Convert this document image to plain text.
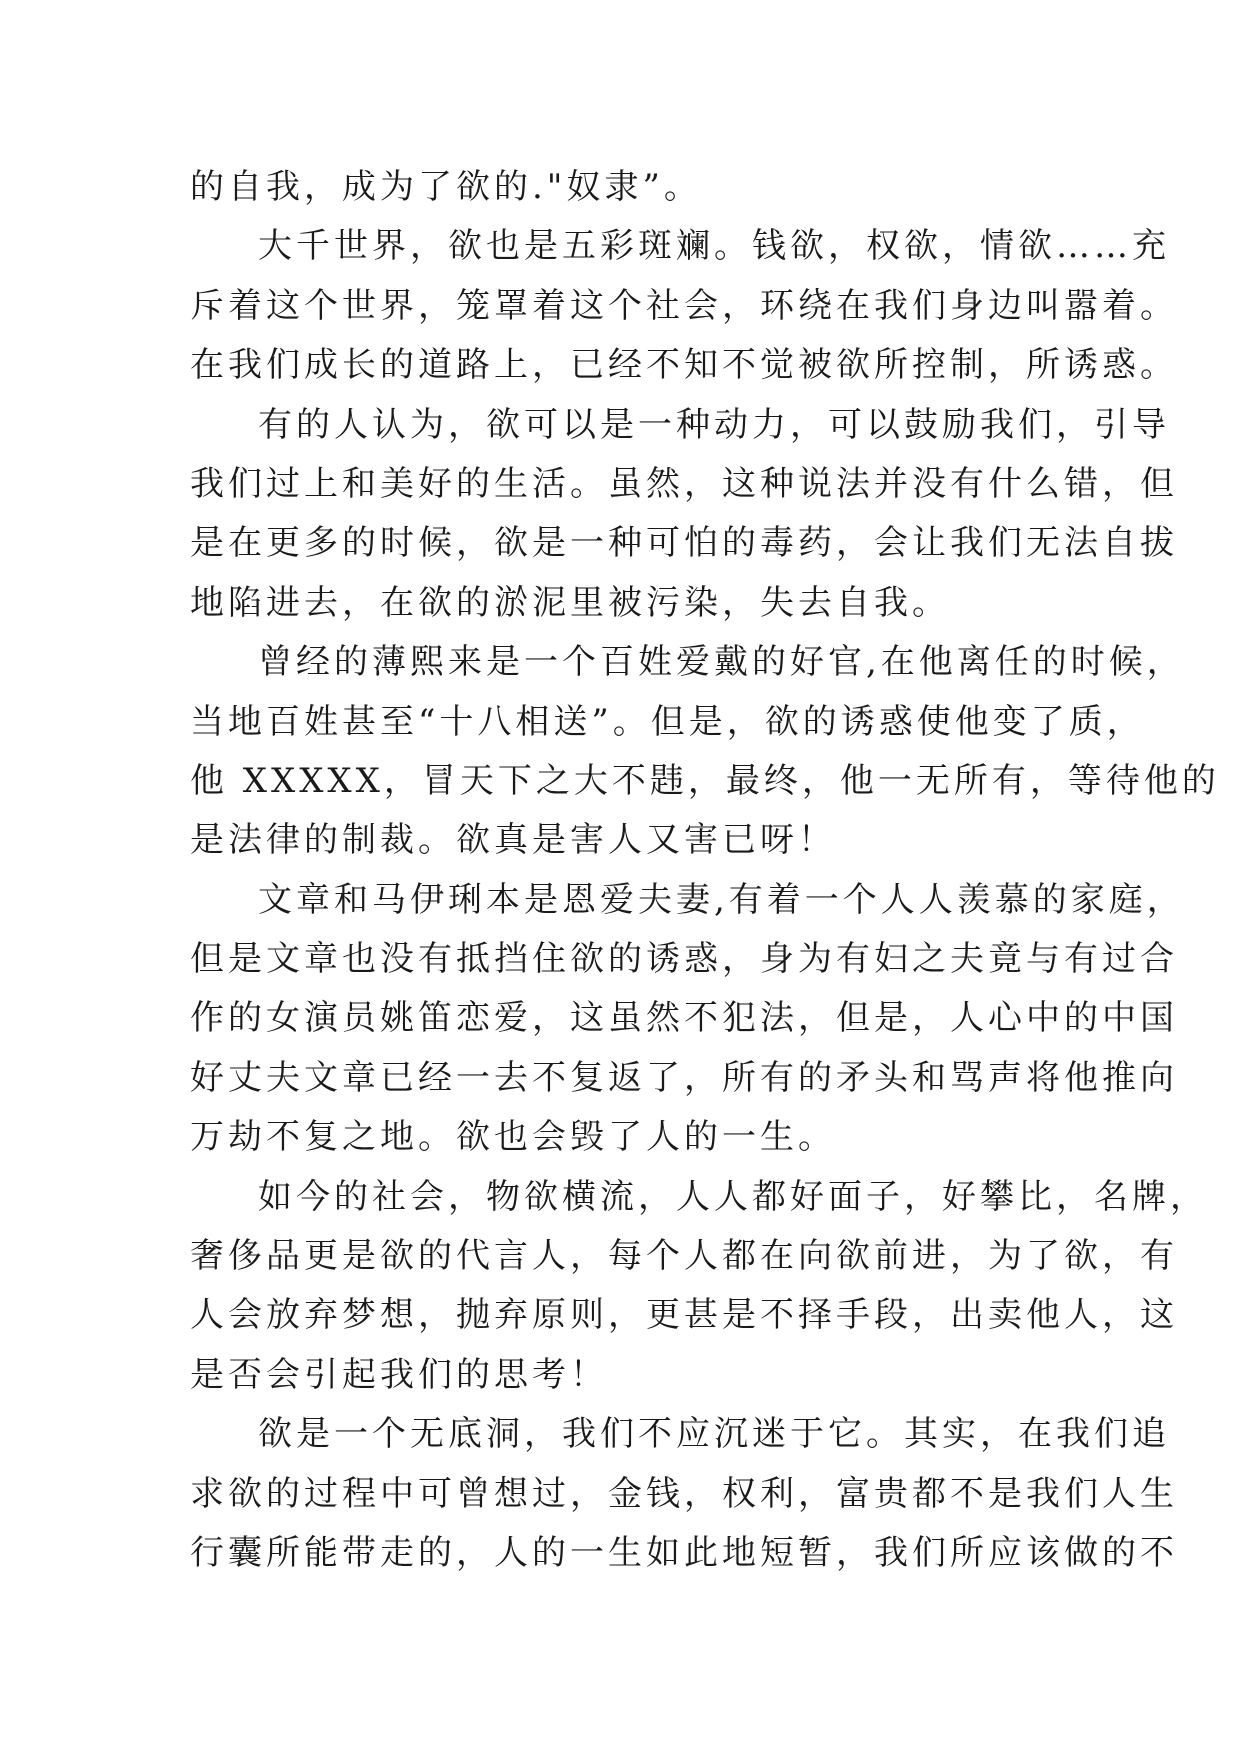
的自我，成为了欲的."奴隶”。
大千世界，欲也是五彩斑斓。钱欲，权欲，情欲……充
斥着这个世界，笼罩着这个社会，环绕在我们身边叫嚣着。
在我们成长的道路上，已经不知不觉被欲所控制，所诱惑。
有的人认为，欲可以是一种动力，可以鼓励我们，引导
我们过上和美好的生活。虽然，这种说法并没有什么错，但
是在更多的时候，欲是一种可怕的毒药，会让我们无法自拔
地陷进去，在欲的淤泥里被污染，失去自我。
曾经的薄熙来是一个百姓爱戴的好官,在他离任的时候，
当地百姓甚至“十八相送”。但是，欲的诱惑使他变了质，
他 XXXXX，冒天下之大不韪，最终，他一无所有，等待他的
是法律的制裁。欲真是害人又害已呀！
文章和马伊琍本是恩爱夫妻,有着一个人人羡慕的家庭，
但是文章也没有抵挡住欲的诱惑，身为有妇之夫竟与有过合
作的女演员姚笛恋爱，这虽然不犯法，但是，人心中的中国
好丈夫文章已经一去不复返了，所有的矛头和骂声将他推向
万劫不复之地。欲也会毁了人的一生。
如今的社会，物欲横流，人人都好面子，好攀比，名牌，
奢侈品更是欲的代言人，每个人都在向欲前进，为了欲，有
人会放弃梦想，抛弃原则，更甚是不择手段，出卖他人，这
是否会引起我们的思考！
欲是一个无底洞，我们不应沉迷于它。其实，在我们追
求欲的过程中可曾想过，金钱，权利，富贵都不是我们人生
行囊所能带走的，人的一生如此地短暂，我们所应该做的不
